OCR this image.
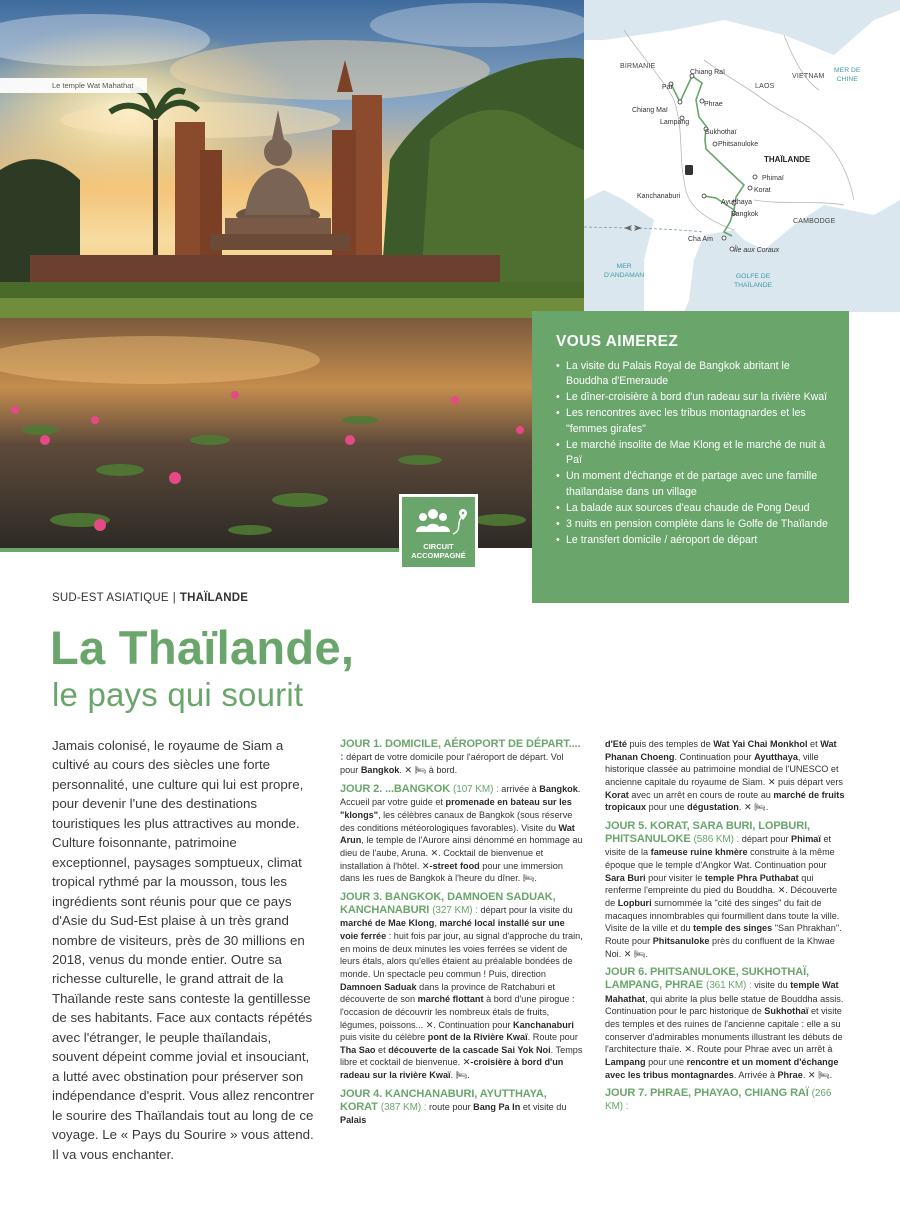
Le temple Wat Mahathat
BIRMANIE
LAOS
VIETNAM
THAÏLANDE
CAMBODGE
MER DE
CHINE
MER
D'ANDAMAN	GOLFE DE
THAÏLANDE
Chiang Raï
Paï
Chiang Maï
Phrae
Lampang
Sukhothaï
Phitsanuloke
Phimaï
Korat
Kanchanaburi
Ayutthaya
Bangkok
Cha Am
Île aux Coraux
VOUS AIMEREZ
• La visite du Palais Royal de Bangkok abritant le Bouddha d'Emeraude
• Le dîner-croisière à bord d'un radeau sur la rivière Kwaï
• Les rencontres avec les tribus montagnardes et les "femmes girafes"
• Le marché insolite de Mae Klong et le marché de nuit à Paï
• Un moment d'échange et de partage avec une famille thaïlandaise dans un village
• La balade aux sources d'eau chaude de Pong Deud
• 3 nuits en pension complète dans le Golfe de Thaïlande
• Le transfert domicile / aéroport de départ
CIRCUIT
ACCOMPAGNÉ
SUD-EST ASIATIQUE | THAÏLANDE
La Thaïlande,
le pays qui sourit

Jamais colonisé, le royaume de Siam a cultivé au cours des siècles une forte personnalité, une culture qui lui est propre, pour devenir l'une des destinations touristiques les plus attractives au monde. Culture foisonnante, patrimoine exceptionnel, paysages somptueux, climat tropical rythmé par la mousson, tous les ingrédients sont réunis pour que ce pays d'Asie du Sud-Est plaise à un très grand nombre de visiteurs, près de 30 millions en 2018, venus du monde entier. Outre sa richesse culturelle, le grand attrait de la Thaïlande reste sans conteste la gentillesse de ses habitants. Face aux contacts répétés avec l'étranger, le peuple thaïlandais, souvent dépeint comme jovial et insouciant, a lutté avec obstination pour préserver son indépendance d'esprit. Vous allez rencontrer le sourire des Thaïlandais tout au long de ce voyage. Le « Pays du Sourire » vous attend. Il va vous enchanter.

JOUR 1. DOMICILE, AÉROPORT DE DÉPART.... : départ de votre domicile pour l'aéroport de départ. Vol pour Bangkok. ✕ 🛏 à bord.
JOUR 2. ...BANGKOK (107 KM) : arrivée à Bangkok. Accueil par votre guide et promenade en bateau sur les "klongs", les célèbres canaux de Bangkok (sous réserve des conditions météorologiques favorables). Visite du Wat Arun, le temple de l'Aurore ainsi dénommé en hommage au dieu de l'aube, Aruna. ✕. Cocktail de bienvenue et installation à l'hôtel. ✕-street food pour une immersion dans les rues de Bangkok à l'heure du dîner. 🛏.
JOUR 3. BANGKOK, DAMNOEN SADUAK, KANCHANABURI (327 KM) : départ pour la visite du marché de Mae Klong, marché local installé sur une voie ferrée : huit fois par jour, au signal d'approche du train, en moins de deux minutes les voies ferrées se vident de leurs étals, alors qu'elles étaient au préalable bondées de monde. Un spectacle peu commun ! Puis, direction Damnoen Saduak dans la province de Ratchaburi et découverte de son marché flottant à bord d'une pirogue : l'occasion de découvrir les nombreux étals de fruits, légumes, poissons... ✕. Continuation pour Kanchanaburi puis visite du célèbre pont de la Rivière Kwaï. Route pour Tha Sao et découverte de la cascade Sai Yok Noi. Temps libre et cocktail de bienvenue. ✕-croisière à bord d'un radeau sur la rivière Kwaï. 🛏.
JOUR 4. KANCHANABURI, AYUTTHAYA, KORAT (387 KM) : route pour Bang Pa In et visite du Palais
d'Eté puis des temples de Wat Yai Chai Monkhol et Wat Phanan Choeng. Continuation pour Ayutthaya, ville historique classée au patrimoine mondial de l'UNESCO et ancienne capitale du royaume de Siam. ✕ puis départ vers Korat avec un arrêt en cours de route au marché de fruits tropicaux pour une dégustation. ✕ 🛏.
JOUR 5. KORAT, SARA BURI, LOPBURI, PHITSANULOKE (586 KM) : départ pour Phimaï et visite de la fameuse ruine khmère construite à la même époque que le temple d'Angkor Wat. Continuation pour Sara Buri pour visiter le temple Phra Puthabat qui renferme l'empreinte du pied du Bouddha. ✕. Découverte de Lopburi surnommée la "cité des singes" du fait de macaques innombrables qui fourmillent dans toute la ville. Visite de la ville et du temple des singes "San Phrakhan". Route pour Phitsanuloke près du confluent de la Khwae Noi. ✕ 🛏.
JOUR 6. PHITSANULOKE, SUKHOTHAÏ, LAMPANG, PHRAE (361 KM) : visite du temple Wat Mahathat, qui abrite la plus belle statue de Bouddha assis. Continuation pour le parc historique de Sukhothaï et visite des temples et des ruines de l'ancienne capitale : elle a su conserver d'admirables monuments illustrant les débuts de l'architecture thaïe. ✕. Route pour Phrae avec un arrêt à Lampang pour une rencontre et un moment d'échange avec les tribus montagnardes. Arrivée à Phrae. ✕ 🛏.
JOUR 7. PHRAE, PHAYAO, CHIANG RAÏ (266 KM) :
